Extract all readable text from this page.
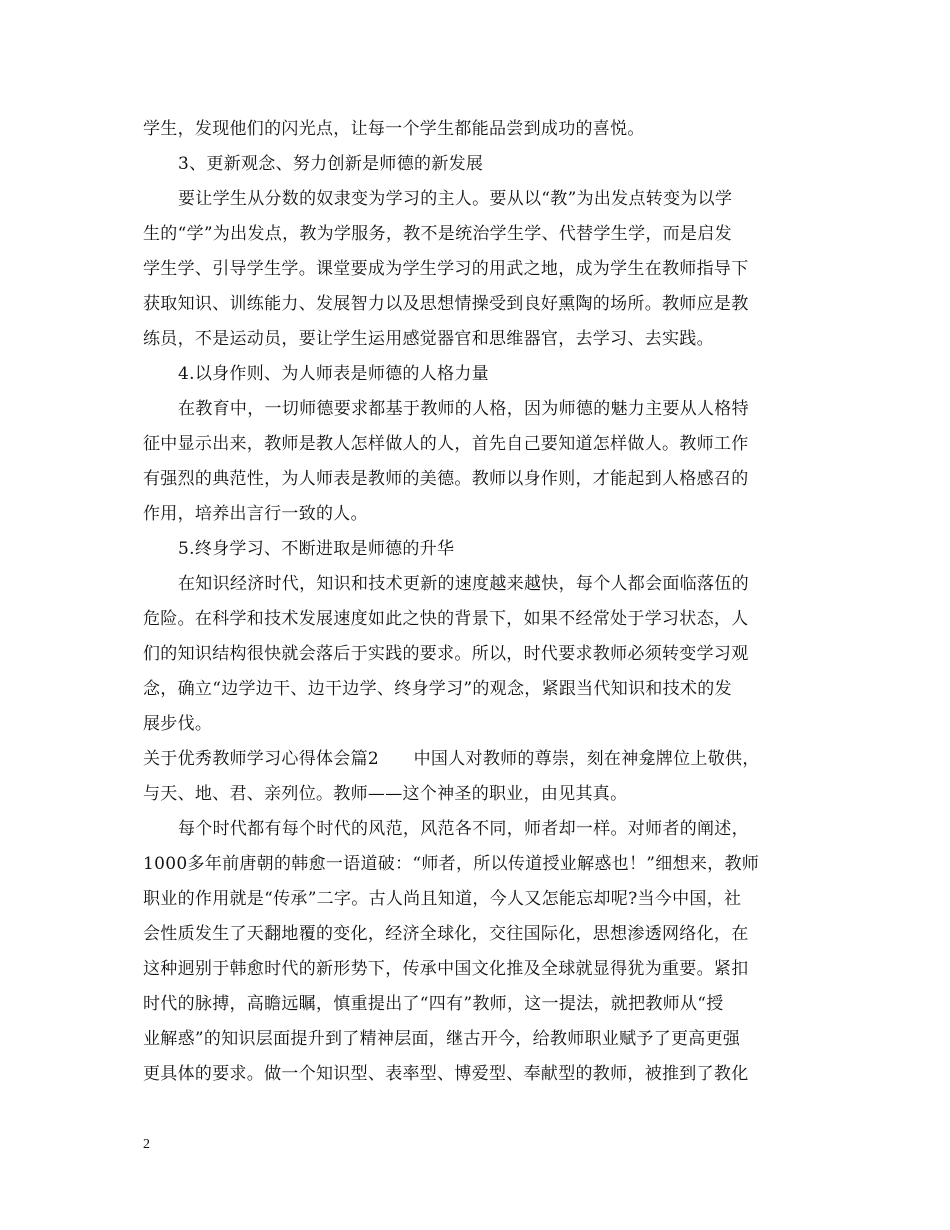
学生，发现他们的闪光点，让每一个学生都能品尝到成功的喜悦。
3、更新观念、努力创新是师德的新发展
要让学生从分数的奴隶变为学习的主人。要从以“教”为出发点转变为以学
生的“学”为出发点，教为学服务，教不是统治学生学、代替学生学，而是启发
学生学、引导学生学。课堂要成为学生学习的用武之地，成为学生在教师指导下
获取知识、训练能力、发展智力以及思想情操受到良好熏陶的场所。教师应是教
练员，不是运动员，要让学生运用感觉器官和思维器官，去学习、去实践。
4.以身作则、为人师表是师德的人格力量
在教育中，一切师德要求都基于教师的人格，因为师德的魅力主要从人格特
征中显示出来，教师是教人怎样做人的人，首先自己要知道怎样做人。教师工作
有强烈的典范性，为人师表是教师的美德。教师以身作则，才能起到人格感召的
作用，培养出言行一致的人。
5.终身学习、不断进取是师德的升华
在知识经济时代，知识和技术更新的速度越来越快，每个人都会面临落伍的
危险。在科学和技术发展速度如此之快的背景下，如果不经常处于学习状态，人
们的知识结构很快就会落后于实践的要求。所以，时代要求教师必须转变学习观
念，确立“边学边干、边干边学、终身学习”的观念，紧跟当代知识和技术的发
展步伐。
关于优秀教师学习心得体会篇2　　中国人对教师的尊崇，刻在神龛牌位上敬供，
与天、地、君、亲列位。教师——这个神圣的职业，由见其真。
每个时代都有每个时代的风范，风范各不同，师者却一样。对师者的阐述，
1000多年前唐朝的韩愈一语道破：“师者，所以传道授业解惑也！”细想来，教师
职业的作用就是“传承”二字。古人尚且知道，今人又怎能忘却呢?当今中国，社
会性质发生了天翻地覆的变化，经济全球化，交往国际化，思想渗透网络化，在
这种迥别于韩愈时代的新形势下，传承中国文化推及全球就显得犹为重要。紧扣
时代的脉搏，高瞻远瞩，慎重提出了“四有”教师，这一提法，就把教师从“授
业解惑”的知识层面提升到了精神层面，继古开今，给教师职业赋予了更高更强
更具体的要求。做一个知识型、表率型、博爱型、奉献型的教师，被推到了教化
2
